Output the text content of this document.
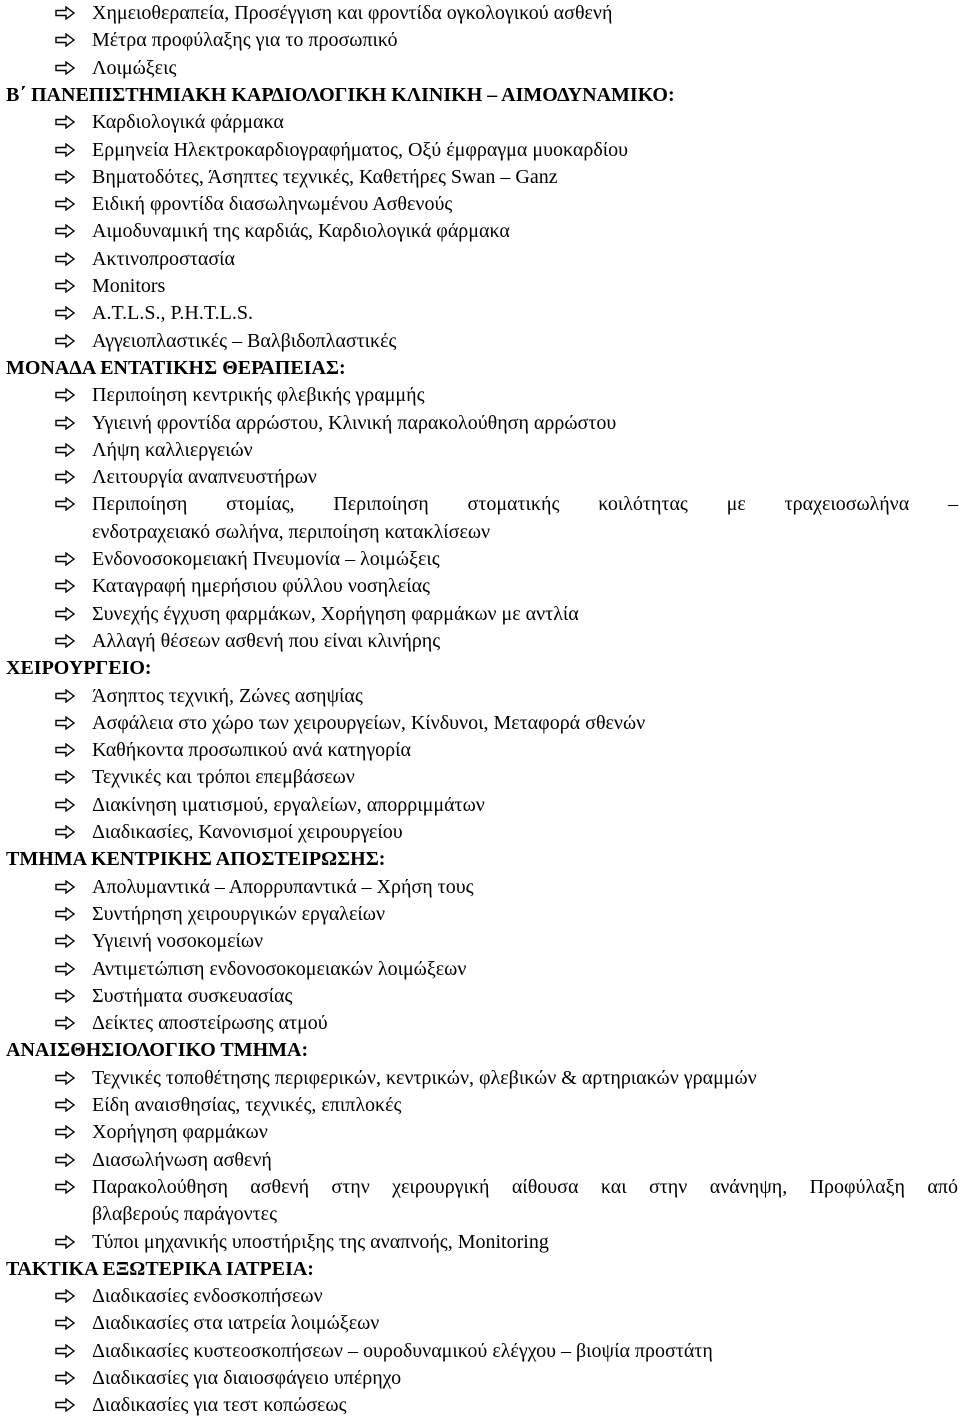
Χημειοθεραπεία, Προσέγγιση και φροντίδα ογκολογικού ασθενή
Μέτρα προφύλαξης για το προσωπικό
Λοιμώξεις
Β΄ ΠΑΝΕΠΙΣΤΗΜΙΑΚΗ ΚΑΡΔΙΟΛΟΓΙΚΗ ΚΛΙΝΙΚΗ – ΑΙΜΟΔΥΝΑΜΙΚΟ:
Καρδιολογικά φάρμακα
Ερμηνεία Ηλεκτροκαρδιογραφήματος, Οξύ έμφραγμα μυοκαρδίου
Βηματοδότες, Άσηπτες τεχνικές, Καθετήρες Swan – Ganz
Ειδική φροντίδα διασωληνωμένου Ασθενούς
Αιμοδυναμική της καρδιάς, Καρδιολογικά φάρμακα
Ακτινοπροστασία
Monitors
A.T.L.S., P.H.T.L.S.
Αγγειοπλαστικές – Βαλβιδοπλαστικές
ΜΟΝΑΔΑ ΕΝΤΑΤΙΚΗΣ ΘΕΡΑΠΕΙΑΣ:
Περιποίηση κεντρικής φλεβικής γραμμής
Υγιεινή φροντίδα αρρώστου, Κλινική παρακολούθηση αρρώστου
Λήψη καλλιεργειών
Λειτουργία αναπνευστήρων
Περιποίηση στομίας, Περιποίηση στοματικής κοιλότητας με τραχειοσωλήνα –
ενδοτραχειακό σωλήνα, περιποίηση κατακλίσεων
Ενδονοσοκομειακή Πνευμονία – λοιμώξεις
Καταγραφή ημερήσιου φύλλου νοσηλείας
Συνεχής έγχυση φαρμάκων, Χορήγηση φαρμάκων με αντλία
Αλλαγή θέσεων ασθενή που είναι κλινήρης
ΧΕΙΡΟΥΡΓΕΙΟ:
Άσηπτος τεχνική, Ζώνες ασηψίας
Ασφάλεια στο χώρο των χειρουργείων, Κίνδυνοι, Μεταφορά σθενών
Καθήκοντα προσωπικού ανά κατηγορία
Τεχνικές και τρόποι επεμβάσεων
Διακίνηση ιματισμού, εργαλείων, απορριμμάτων
Διαδικασίες, Κανονισμοί χειρουργείου
ΤΜΗΜΑ ΚΕΝΤΡΙΚΗΣ ΑΠΟΣΤΕΙΡΩΣΗΣ:
Απολυμαντικά – Απορρυπαντικά – Χρήση τους
Συντήρηση χειρουργικών εργαλείων
Υγιεινή νοσοκομείων
Αντιμετώπιση ενδονοσοκομειακών λοιμώξεων
Συστήματα συσκευασίας
Δείκτες αποστείρωσης ατμού
ΑΝΑΙΣΘΗΣΙΟΛΟΓΙΚΟ ΤΜΗΜΑ:
Τεχνικές τοποθέτησης περιφερικών, κεντρικών, φλεβικών & αρτηριακών γραμμών
Είδη αναισθησίας, τεχνικές, επιπλοκές
Χορήγηση φαρμάκων
Διασωλήνωση ασθενή
Παρακολούθηση ασθενή στην χειρουργική αίθουσα και στην ανάνηψη, Προφύλαξη από
βλαβερούς παράγοντες
Τύποι μηχανικής υποστήριξης της αναπνοής, Monitoring
ΤΑΚΤΙΚΑ ΕΞΩΤΕΡΙΚΑ ΙΑΤΡΕΙΑ:
Διαδικασίες ενδοσκοπήσεων
Διαδικασίες στα ιατρεία λοιμώξεων
Διαδικασίες κυστεοσκοπήσεων – ουροδυναμικού ελέγχου – βιοψία προστάτη
Διαδικασίες για διαιοσφάγειο υπέρηχο
Διαδικασίες για τεστ κοπώσεως
